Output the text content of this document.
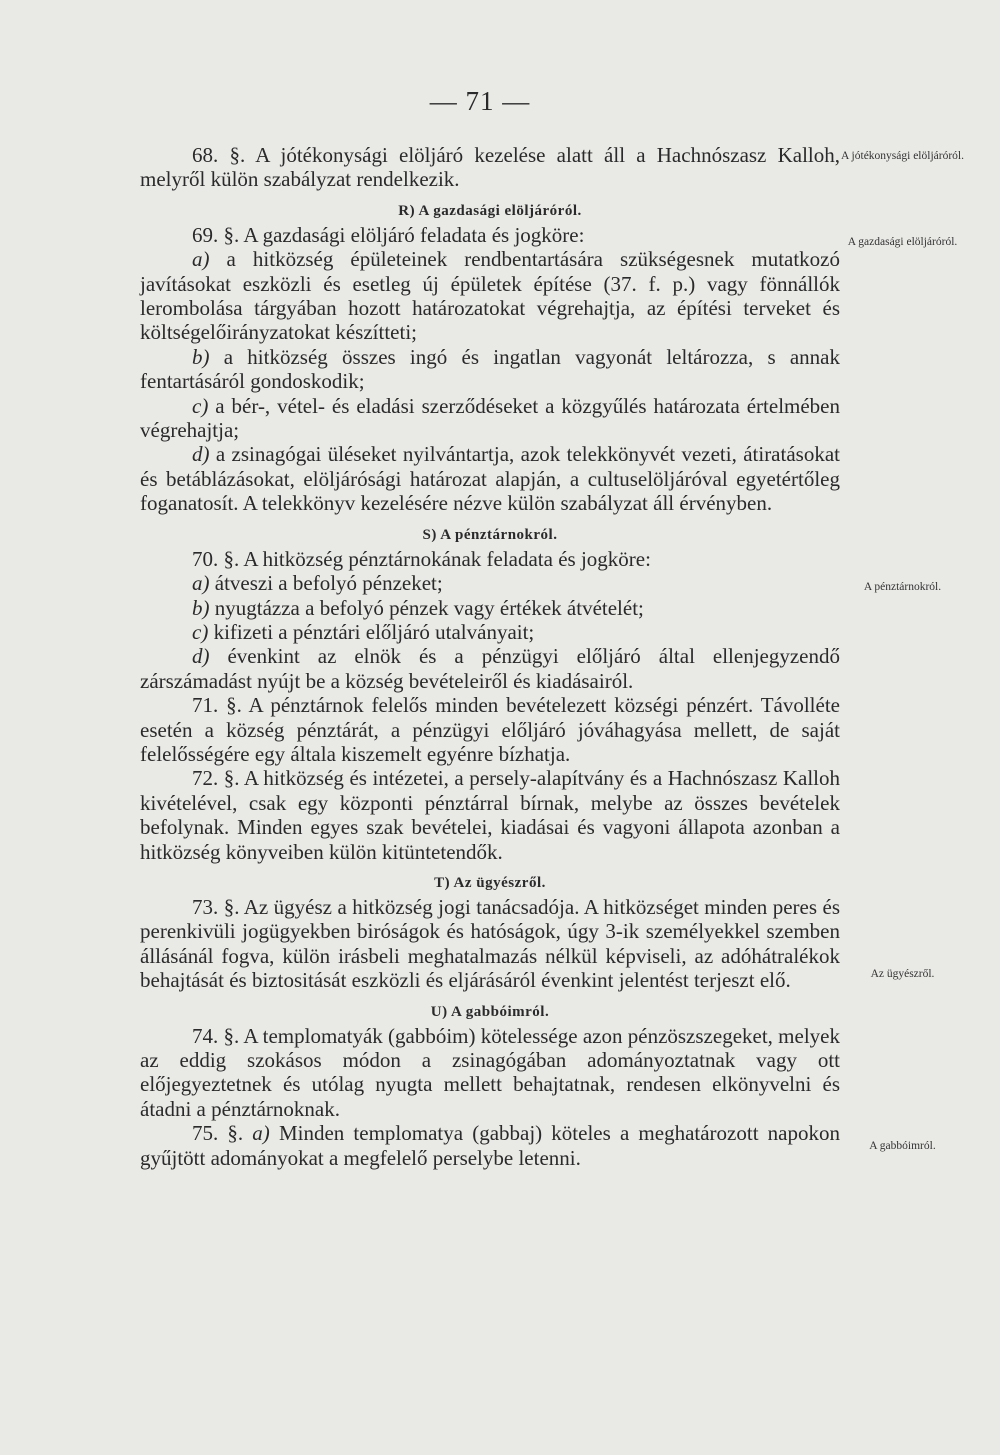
— 71 —
A jótékonysági elöljáróról.
A gazdasági elöljáróról.
A pénztárnokról.
Az ügyészről.
A gabbóimról.

68. §. A jótékonysági elöljáró kezelése alatt áll a Hachnószasz Kalloh, melyről külön szabályzat rendelkezik.

R) A gazdasági elöljáróról.

69. §. A gazdasági elöljáró feladata és jogköre:

a) a hitközség épületeinek rendbentartására szükségesnek mutatkozó javításokat eszközli és esetleg új épületek építése (37. f. p.) vagy fönnállók lerombolása tárgyában hozott határozatokat végrehajtja, az építési terveket és költségelőirányzatokat készítteti;

b) a hitközség összes ingó és ingatlan vagyonát leltározza, s annak fentartásáról gondoskodik;

c) a bér-, vétel- és eladási szerződéseket a közgyűlés határozata értelmében végrehajtja;

d) a zsinagógai üléseket nyilvántartja, azok telekkönyvét vezeti, átiratásokat és betáblázásokat, elöljárósági határozat alapján, a cultuselöljáróval egyetértőleg foganatosít. A telekkönyv kezelésére nézve külön szabályzat áll érvényben.

S) A pénztárnokról.

70. §. A hitközség pénztárnokának feladata és jogköre:

a) átveszi a befolyó pénzeket;

b) nyugtázza a befolyó pénzek vagy értékek átvételét;

c) kifizeti a pénztári előljáró utalványait;

d) évenkint az elnök és a pénzügyi előljáró által ellenjegyzendő zárszámadást nyújt be a község bevételeiről és kiadásairól.

71. §. A pénztárnok felelős minden bevételezett községi pénzért. Távolléte esetén a község pénztárát, a pénzügyi előljáró jóváhagyása mellett, de saját felelősségére egy általa kiszemelt egyénre bízhatja.

72. §. A hitközség és intézetei, a persely-alapítvány és a Hachnószasz Kalloh kivételével, csak egy központi pénztárral bírnak, melybe az összes bevételek befolynak. Minden egyes szak bevételei, kiadásai és vagyoni állapota azonban a hitközség könyveiben külön kitüntetendők.

T) Az ügyészről.

73. §. Az ügyész a hitközség jogi tanácsadója. A hitközséget minden peres és perenkivüli jogügyekben biróságok és hatóságok, úgy 3-ik személyekkel szemben állásánál fogva, külön irásbeli meghatalmazás nélkül képviseli, az adóhátralékok behajtását és biztositását eszközli és eljárásáról évenkint jelentést terjeszt elő.

U) A gabbóimról.

74. §. A templomatyák (gabbóim) kötelessége azon pénzöszszegeket, melyek az eddig szokásos módon a zsinagógában adományoztatnak vagy ott előjegyeztetnek és utólag nyugta mellett behajtatnak, rendesen elkönyvelni és átadni a pénztárnoknak.

75. §. a) Minden templomatya (gabbaj) köteles a meghatározott napokon gyűjtött adományokat a megfelelő perselybe letenni.
